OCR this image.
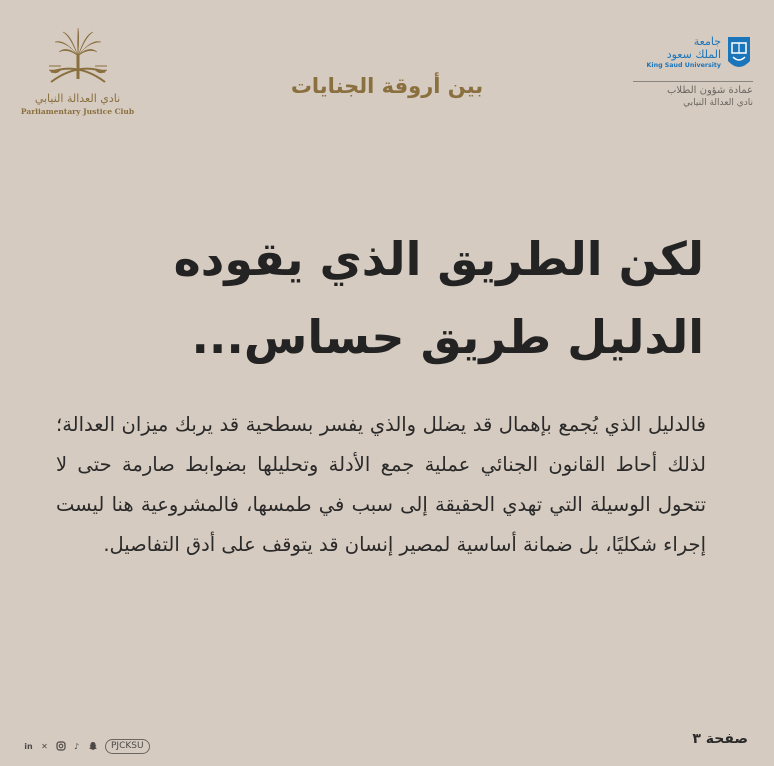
نادي العدالة النيابي
Parliamentary Justice Club
بين أروقة الجنايات
جامعة
الملك سعود
King Saud University
عمادة شؤون الطلاب
نادي العدالة النيابي
لكن الطريق الذي يقوده
الدليل طريق حساس...
فالدليل الذي يُجمع بإهمال قد يضلل والذي يفسر بسطحية قد يربك ميزان العدالة؛ لذلك أحاط القانون الجنائي عملية جمع الأدلة وتحليلها بضوابط صارمة حتى لا تتحول الوسيلة التي تهدي الحقيقة إلى سبب في طمسها، فالمشروعية هنا ليست إجراء شكليًا، بل ضمانة أساسية لمصير إنسان قد يتوقف على أدق التفاصيل.
in	✕	♪	PJCKSU	صفحة ٣
